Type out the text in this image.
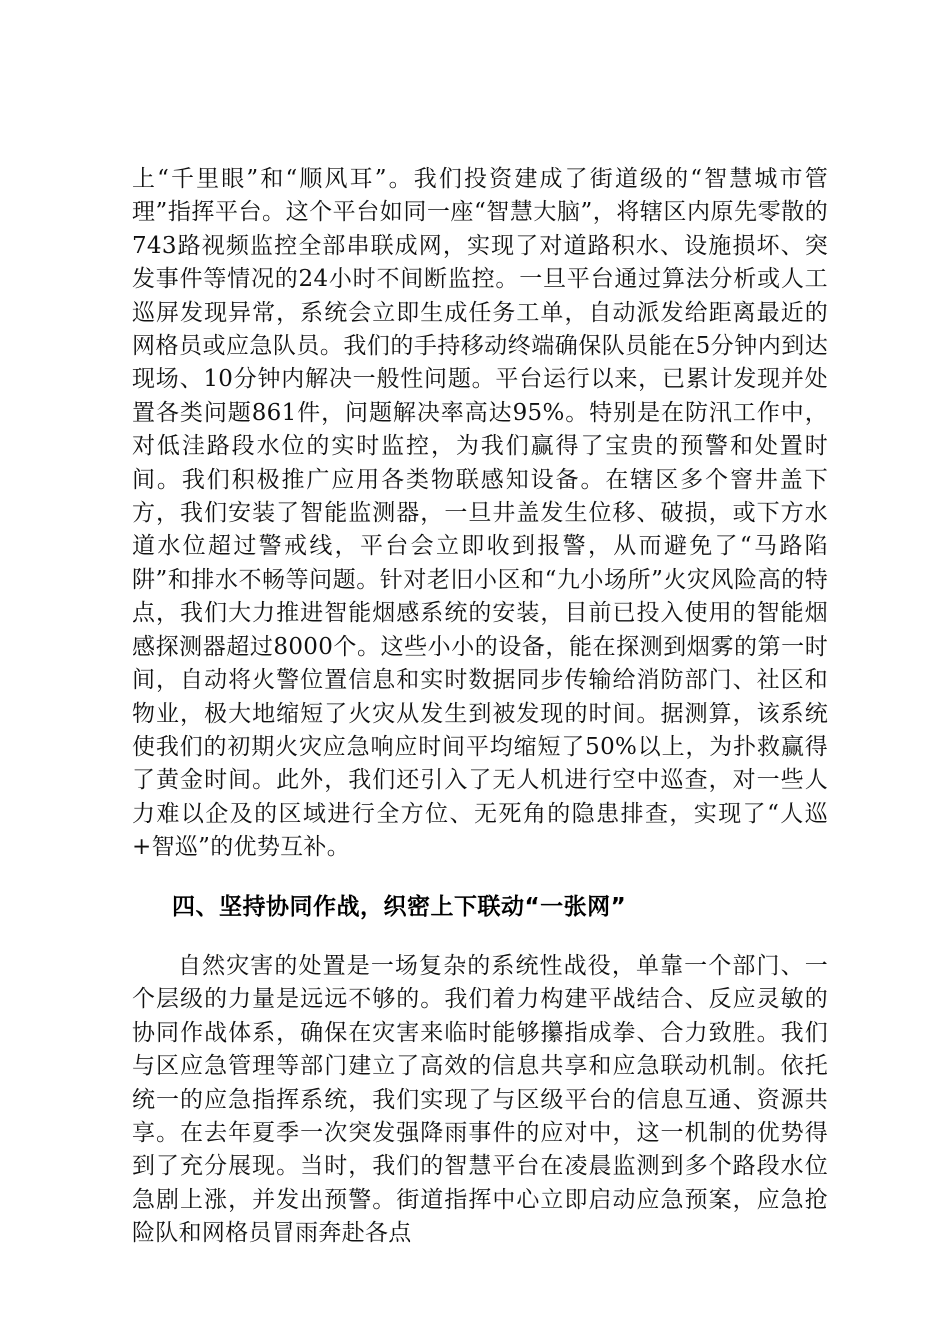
上“千里眼”和“顺风耳”。我们投资建成了街道级的“智慧城市管理”指挥平台。这个平台如同一座“智慧大脑”，将辖区内原先零散的743路视频监控全部串联成网，实现了对道路积水、设施损坏、突发事件等情况的24小时不间断监控。一旦平台通过算法分析或人工巡屏发现异常，系统会立即生成任务工单，自动派发给距离最近的网格员或应急队员。我们的手持移动终端确保队员能在5分钟内到达现场、10分钟内解决一般性问题。平台运行以来，已累计发现并处置各类问题861件，问题解决率高达95%。特别是在防汛工作中，对低洼路段水位的实时监控，为我们赢得了宝贵的预警和处置时间。我们积极推广应用各类物联感知设备。在辖区多个窨井盖下方，我们安装了智能监测器，一旦井盖发生位移、破损，或下方水道水位超过警戒线，平台会立即收到报警，从而避免了“马路陷阱”和排水不畅等问题。针对老旧小区和“九小场所”火灾风险高的特点，我们大力推进智能烟感系统的安装，目前已投入使用的智能烟感探测器超过8000个。这些小小的设备，能在探测到烟雾的第一时间，自动将火警位置信息和实时数据同步传输给消防部门、社区和物业，极大地缩短了火灾从发生到被发现的时间。据测算，该系统使我们的初期火灾应急响应时间平均缩短了50%以上，为扑救赢得了黄金时间。此外，我们还引入了无人机进行空中巡查，对一些人力难以企及的区域进行全方位、无死角的隐患排查，实现了“人巡+智巡”的优势互补。

四、坚持协同作战，织密上下联动“一张网”

自然灾害的处置是一场复杂的系统性战役，单靠一个部门、一个层级的力量是远远不够的。我们着力构建平战结合、反应灵敏的协同作战体系，确保在灾害来临时能够攥指成拳、合力致胜。我们与区应急管理等部门建立了高效的信息共享和应急联动机制。依托统一的应急指挥系统，我们实现了与区级平台的信息互通、资源共享。在去年夏季一次突发强降雨事件的应对中，这一机制的优势得到了充分展现。当时，我们的智慧平台在凌晨监测到多个路段水位急剧上涨，并发出预警。街道指挥中心立即启动应急预案，应急抢险队和网格员冒雨奔赴各点
